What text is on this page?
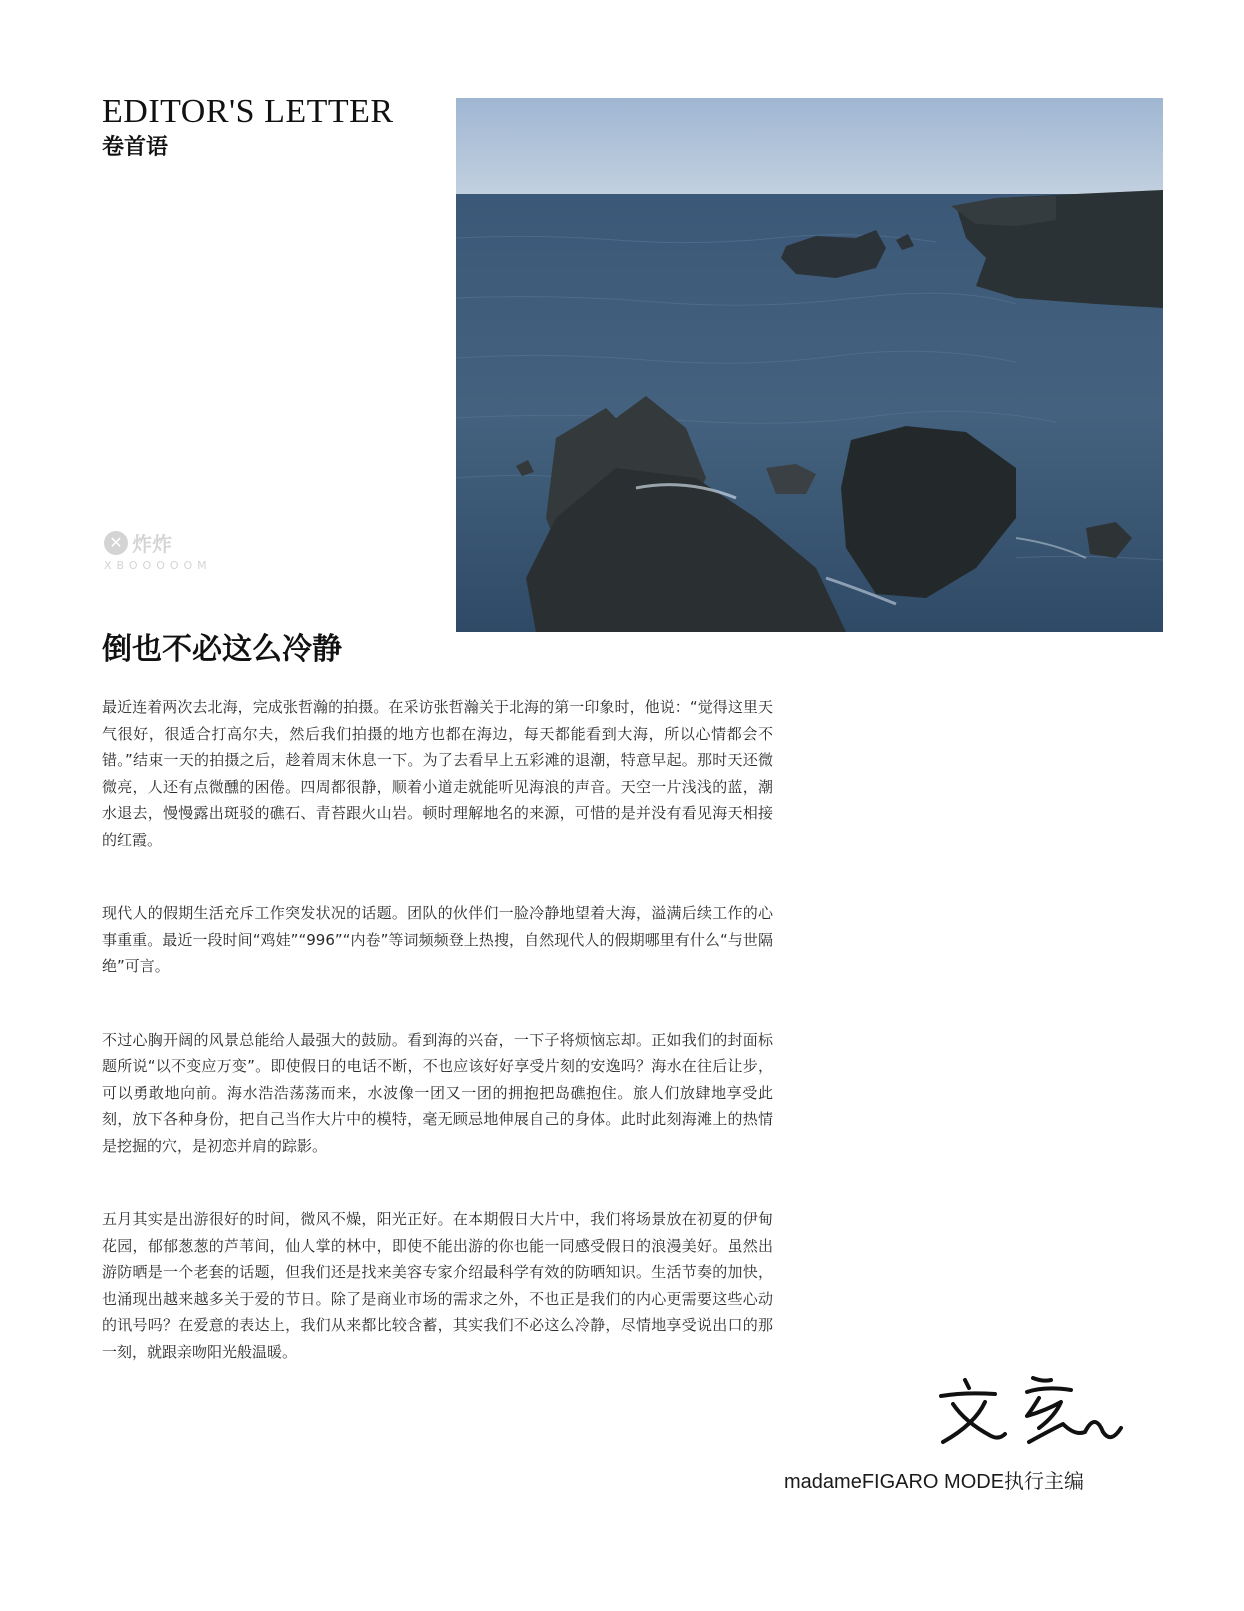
EDITOR'S LETTER
卷首语
✕ 炸炸
XBOOOOOM
倒也不必这么冷静

最近连着两次去北海，完成张哲瀚的拍摄。在采访张哲瀚关于北海的第一印象时，他说：“觉得这里天气很好，很适合打高尔夫，然后我们拍摄的地方也都在海边，每天都能看到大海，所以心情都会不错。”结束一天的拍摄之后，趁着周末休息一下。为了去看早上五彩滩的退潮，特意早起。那时天还微微亮，人还有点微醺的困倦。四周都很静，顺着小道走就能听见海浪的声音。天空一片浅浅的蓝，潮水退去，慢慢露出斑驳的礁石、青苔跟火山岩。顿时理解地名的来源，可惜的是并没有看见海天相接的红霞。

现代人的假期生活充斥工作突发状况的话题。团队的伙伴们一脸冷静地望着大海，溢满后续工作的心事重重。最近一段时间“鸡娃”“996”“内卷”等词频频登上热搜，自然现代人的假期哪里有什么“与世隔绝”可言。

不过心胸开阔的风景总能给人最强大的鼓励。看到海的兴奋，一下子将烦恼忘却。正如我们的封面标题所说“以不变应万变”。即使假日的电话不断，不也应该好好享受片刻的安逸吗？海水在往后让步，可以勇敢地向前。海水浩浩荡荡而来，水波像一团又一团的拥抱把岛礁抱住。旅人们放肆地享受此刻，放下各种身份，把自己当作大片中的模特，毫无顾忌地伸展自己的身体。此时此刻海滩上的热情是挖掘的穴，是初恋并肩的踪影。

五月其实是出游很好的时间，微风不燥，阳光正好。在本期假日大片中，我们将场景放在初夏的伊甸花园，郁郁葱葱的芦苇间，仙人掌的林中，即使不能出游的你也能一同感受假日的浪漫美好。虽然出游防晒是一个老套的话题，但我们还是找来美容专家介绍最科学有效的防晒知识。生活节奏的加快，也涌现出越来越多关于爱的节日。除了是商业市场的需求之外，不也正是我们的内心更需要这些心动的讯号吗？在爱意的表达上，我们从来都比较含蓄，其实我们不必这么冷静，尽情地享受说出口的那一刻，就跟亲吻阳光般温暖。

madameFIGARO MODE执行主编
